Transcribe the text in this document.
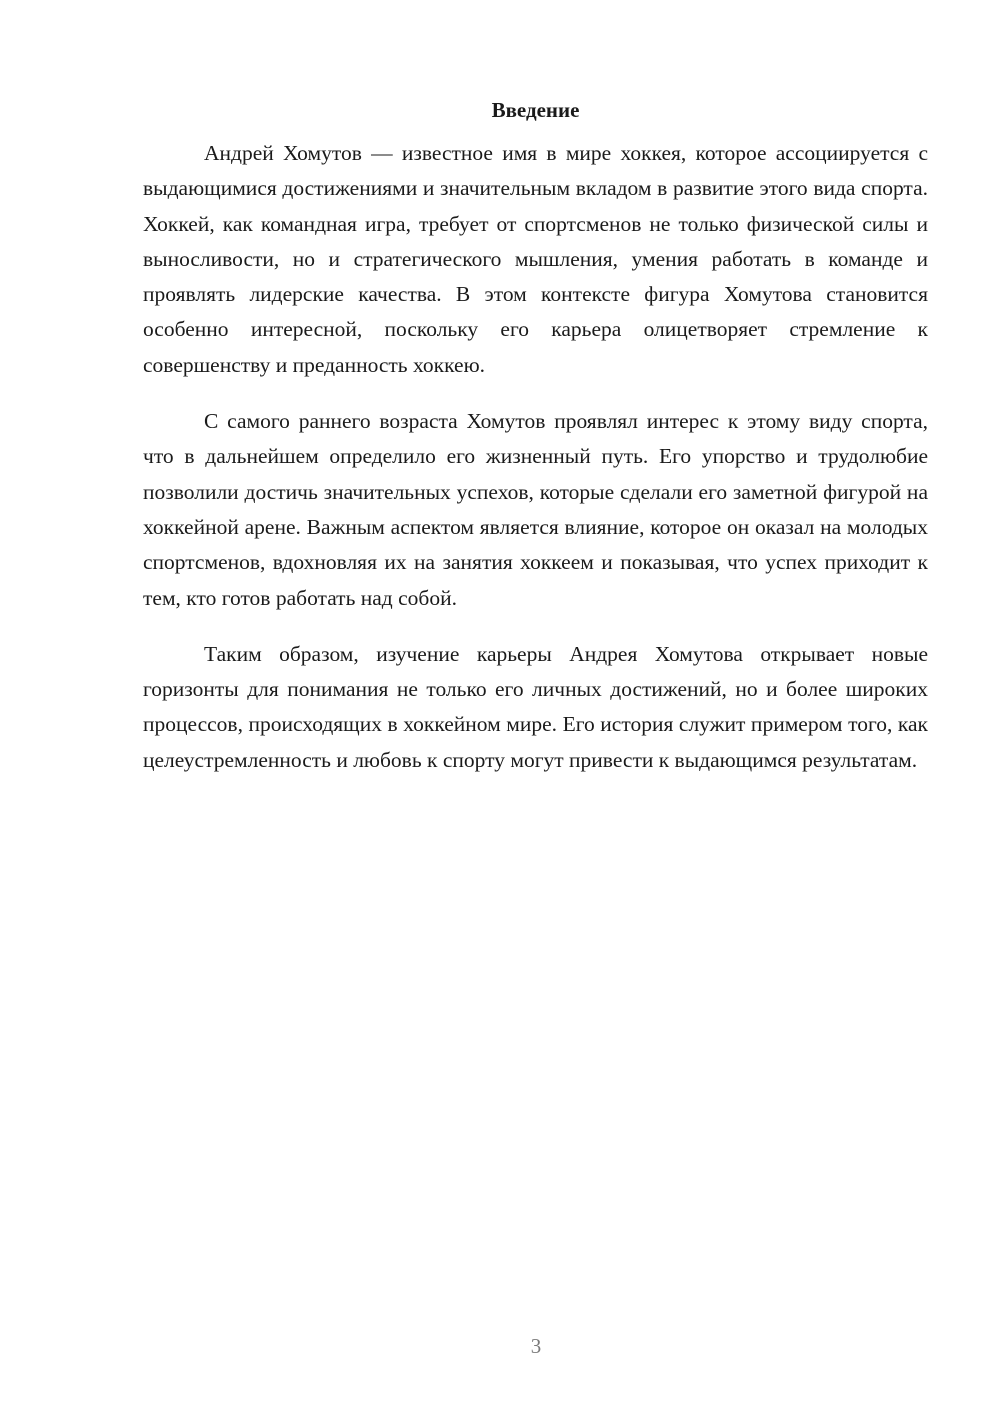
Введение

Андрей Хомутов — известное имя в мире хоккея, которое ассоциируется с выдающимися достижениями и значительным вкладом в развитие этого вида спорта. Хоккей, как командная игра, требует от спортсменов не только физической силы и выносливости, но и стратегического мышления, умения работать в команде и проявлять лидерские качества. В этом контексте фигура Хомутова становится особенно интересной, поскольку его карьера олицетворяет стремление к совершенству и преданность хоккею.

С самого раннего возраста Хомутов проявлял интерес к этому виду спорта, что в дальнейшем определило его жизненный путь. Его упорство и трудолюбие позволили достичь значительных успехов, которые сделали его заметной фигурой на хоккейной арене. Важным аспектом является влияние, которое он оказал на молодых спортсменов, вдохновляя их на занятия хоккеем и показывая, что успех приходит к тем, кто готов работать над собой.

Таким образом, изучение карьеры Андрея Хомутова открывает новые горизонты для понимания не только его личных достижений, но и более широких процессов, происходящих в хоккейном мире. Его история служит примером того, как целеустремленность и любовь к спорту могут привести к выдающимся результатам.

3
